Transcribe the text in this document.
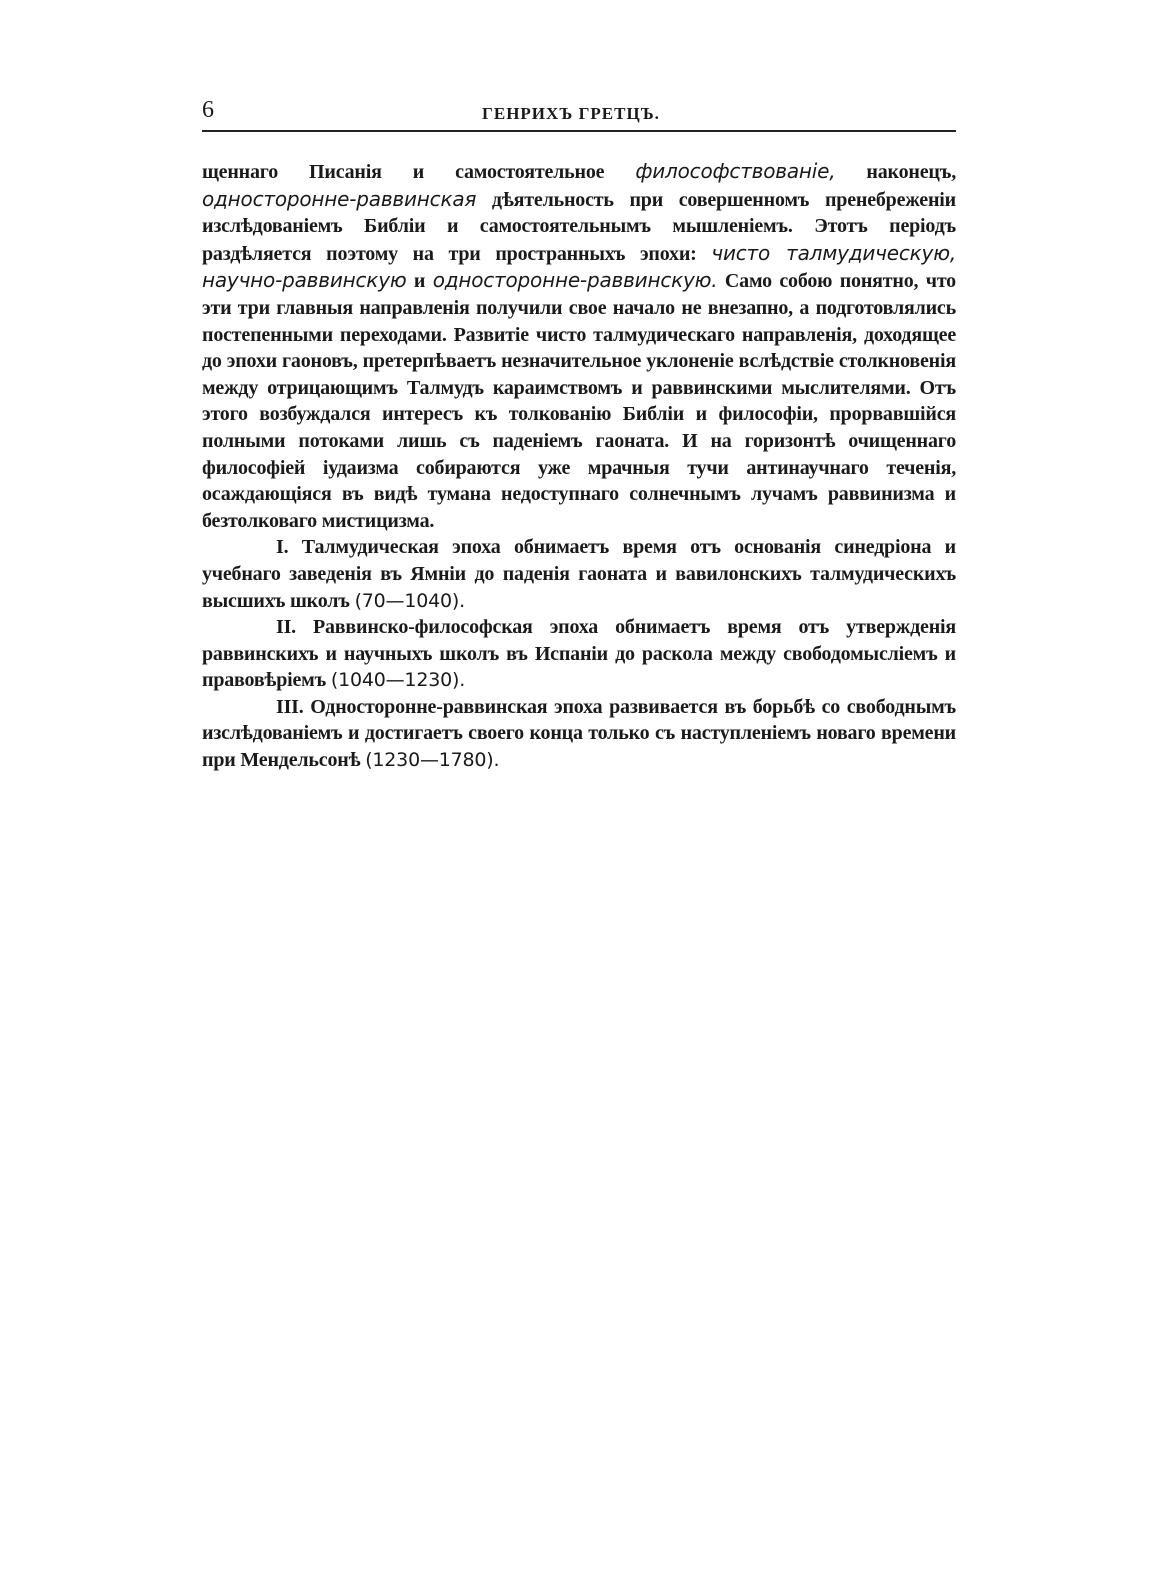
6	ГЕНРИХЪ ГРЕТЦЪ.

щеннаго Писанія и самостоятельное философствованіе, наконецъ, односторонне-раввинская дѣятельность при совершенномъ пренебреженіи изслѣдованіемъ Библіи и самостоятельнымъ мышленіемъ. Этотъ періодъ раздѣляется поэтому на три пространныхъ эпохи: чисто талмудическую, научно-раввинскую и односторонне-раввинскую. Само собою понятно, что эти три главныя направленія получили свое начало не внезапно, а подготовлялись постепенными переходами. Развитіе чисто талмудическаго направленія, доходящее до эпохи гаоновъ, претерпѣваетъ незначительное уклоненіе вслѣдствіе столкновенія между отрицающимъ Талмудъ караимствомъ и раввинскими мыслителями. Отъ этого возбуждался интересъ къ толкованію Библіи и философіи, прорвавшійся полными потоками лишь съ паденіемъ гаоната. И на горизонтѣ очищеннаго философіей іудаизма собираются уже мрачныя тучи антинаучнаго теченія, осаждающіяся въ видѣ тумана недоступнаго солнечнымъ лучамъ раввинизма и безтолковаго мистицизма.

I. Талмудическая эпоха обнимаетъ время отъ основанія синедріона и учебнаго заведенія въ Ямніи до паденія гаоната и вавилонскихъ талмудическихъ высшихъ школъ (70—1040).

II. Раввинско-философская эпоха обнимаетъ время отъ утвержденія раввинскихъ и научныхъ школъ въ Испаніи до раскола между свободомысліемъ и правовѣріемъ (1040—1230).

III. Односторонне-раввинская эпоха развивается въ борьбѣ со свободнымъ изслѣдованіемъ и достигаетъ своего конца только съ наступленіемъ новаго времени при Мендельсонѣ (1230—1780).
